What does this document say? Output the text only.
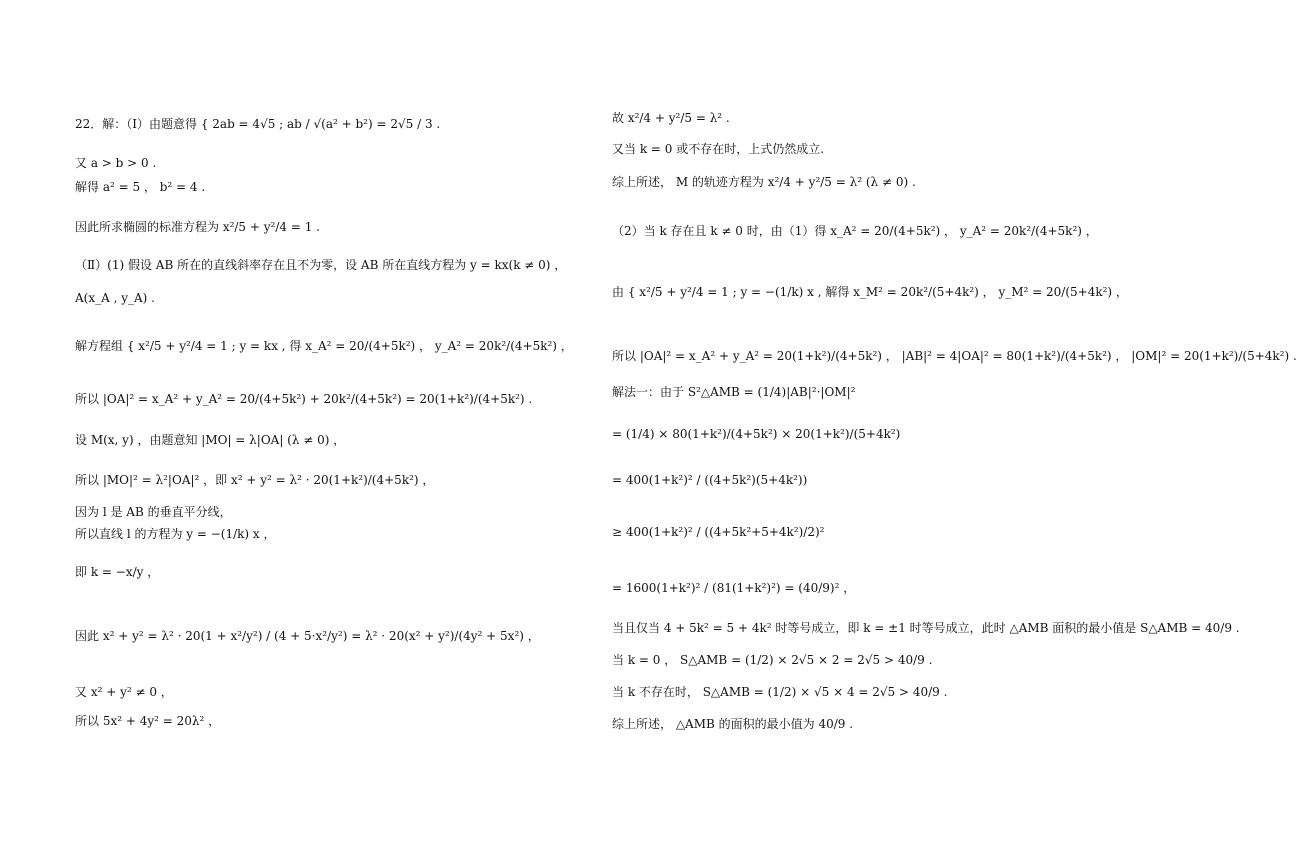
22．解：（Ⅰ）由题意得 { 2ab = 4√5 ; ab / √(a² + b²) = 2√5 / 3 .
又 a > b > 0 .
解得 a² = 5 ， b² = 4 .
因此所求椭圆的标准方程为 x²/5 + y²/4 = 1 .
（Ⅱ）(1) 假设 AB 所在的直线斜率存在且不为零，设 AB 所在直线方程为 y = kx(k ≠ 0) ，
A(x_A , y_A) .
解方程组 { x²/5 + y²/4 = 1 ; y = kx , 得 x_A² = 20/(4+5k²) ， y_A² = 20k²/(4+5k²) ，
所以 |OA|² = x_A² + y_A² = 20/(4+5k²) + 20k²/(4+5k²) = 20(1+k²)/(4+5k²) .
设 M(x, y) ，由题意知 |MO| = λ|OA| (λ ≠ 0) ，
所以 |MO|² = λ²|OA|² ，即 x² + y² = λ² · 20(1+k²)/(4+5k²) ，
因为 l 是 AB 的垂直平分线，
所以直线 l 的方程为 y = −(1/k) x ，
即 k = −x/y ，
因此 x² + y² = λ² · 20(1 + x²/y²) / (4 + 5·x²/y²) = λ² · 20(x² + y²)/(4y² + 5x²) ，
又 x² + y² ≠ 0 ，
所以 5x² + 4y² = 20λ² ，
故 x²/4 + y²/5 = λ² .
又当 k = 0 或不存在时，上式仍然成立.
综上所述， M 的轨迹方程为 x²/4 + y²/5 = λ² (λ ≠ 0) .
（2）当 k 存在且 k ≠ 0 时，由（1）得 x_A² = 20/(4+5k²) ， y_A² = 20k²/(4+5k²) ，
由 { x²/5 + y²/4 = 1 ; y = −(1/k) x , 解得 x_M² = 20k²/(5+4k²) ， y_M² = 20/(5+4k²) ，
所以 |OA|² = x_A² + y_A² = 20(1+k²)/(4+5k²) ， |AB|² = 4|OA|² = 80(1+k²)/(4+5k²) ， |OM|² = 20(1+k²)/(5+4k²) .
解法一：由于 S²△AMB = (1/4)|AB|²·|OM|²
= (1/4) × 80(1+k²)/(4+5k²) × 20(1+k²)/(5+4k²)
= 400(1+k²)² / ((4+5k²)(5+4k²))
≥ 400(1+k²)² / ((4+5k²+5+4k²)/2)²
= 1600(1+k²)² / (81(1+k²)²) = (40/9)² ，
当且仅当 4 + 5k² = 5 + 4k² 时等号成立，即 k = ±1 时等号成立，此时 △AMB 面积的最小值是 S△AMB = 40/9 .
当 k = 0 ， S△AMB = (1/2) × 2√5 × 2 = 2√5 > 40/9 .
当 k 不存在时， S△AMB = (1/2) × √5 × 4 = 2√5 > 40/9 .
综上所述， △AMB 的面积的最小值为 40/9 .
